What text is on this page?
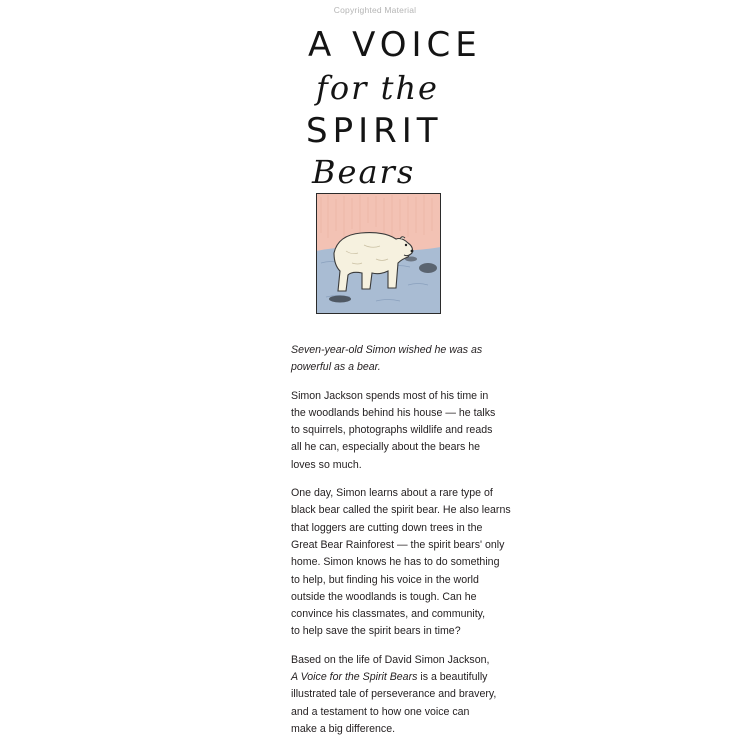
Copyrighted Material
A VOICE
for the
SPIRIT
Bears

Seven-year-old Simon wished he was as
powerful as a bear.

Simon Jackson spends most of his time in
the woodlands behind his house — he talks
to squirrels, photographs wildlife and reads
all he can, especially about the bears he
loves so much.

One day, Simon learns about a rare type of
black bear called the spirit bear. He also learns
that loggers are cutting down trees in the
Great Bear Rainforest — the spirit bears' only
home. Simon knows he has to do something
to help, but finding his voice in the world
outside the woodlands is tough. Can he
convince his classmates, and community,
to help save the spirit bears in time?

Based on the life of David Simon Jackson,
A Voice for the Spirit Bears is a beautifully
illustrated tale of perseverance and bravery,
and a testament to how one voice can
make a big difference.
